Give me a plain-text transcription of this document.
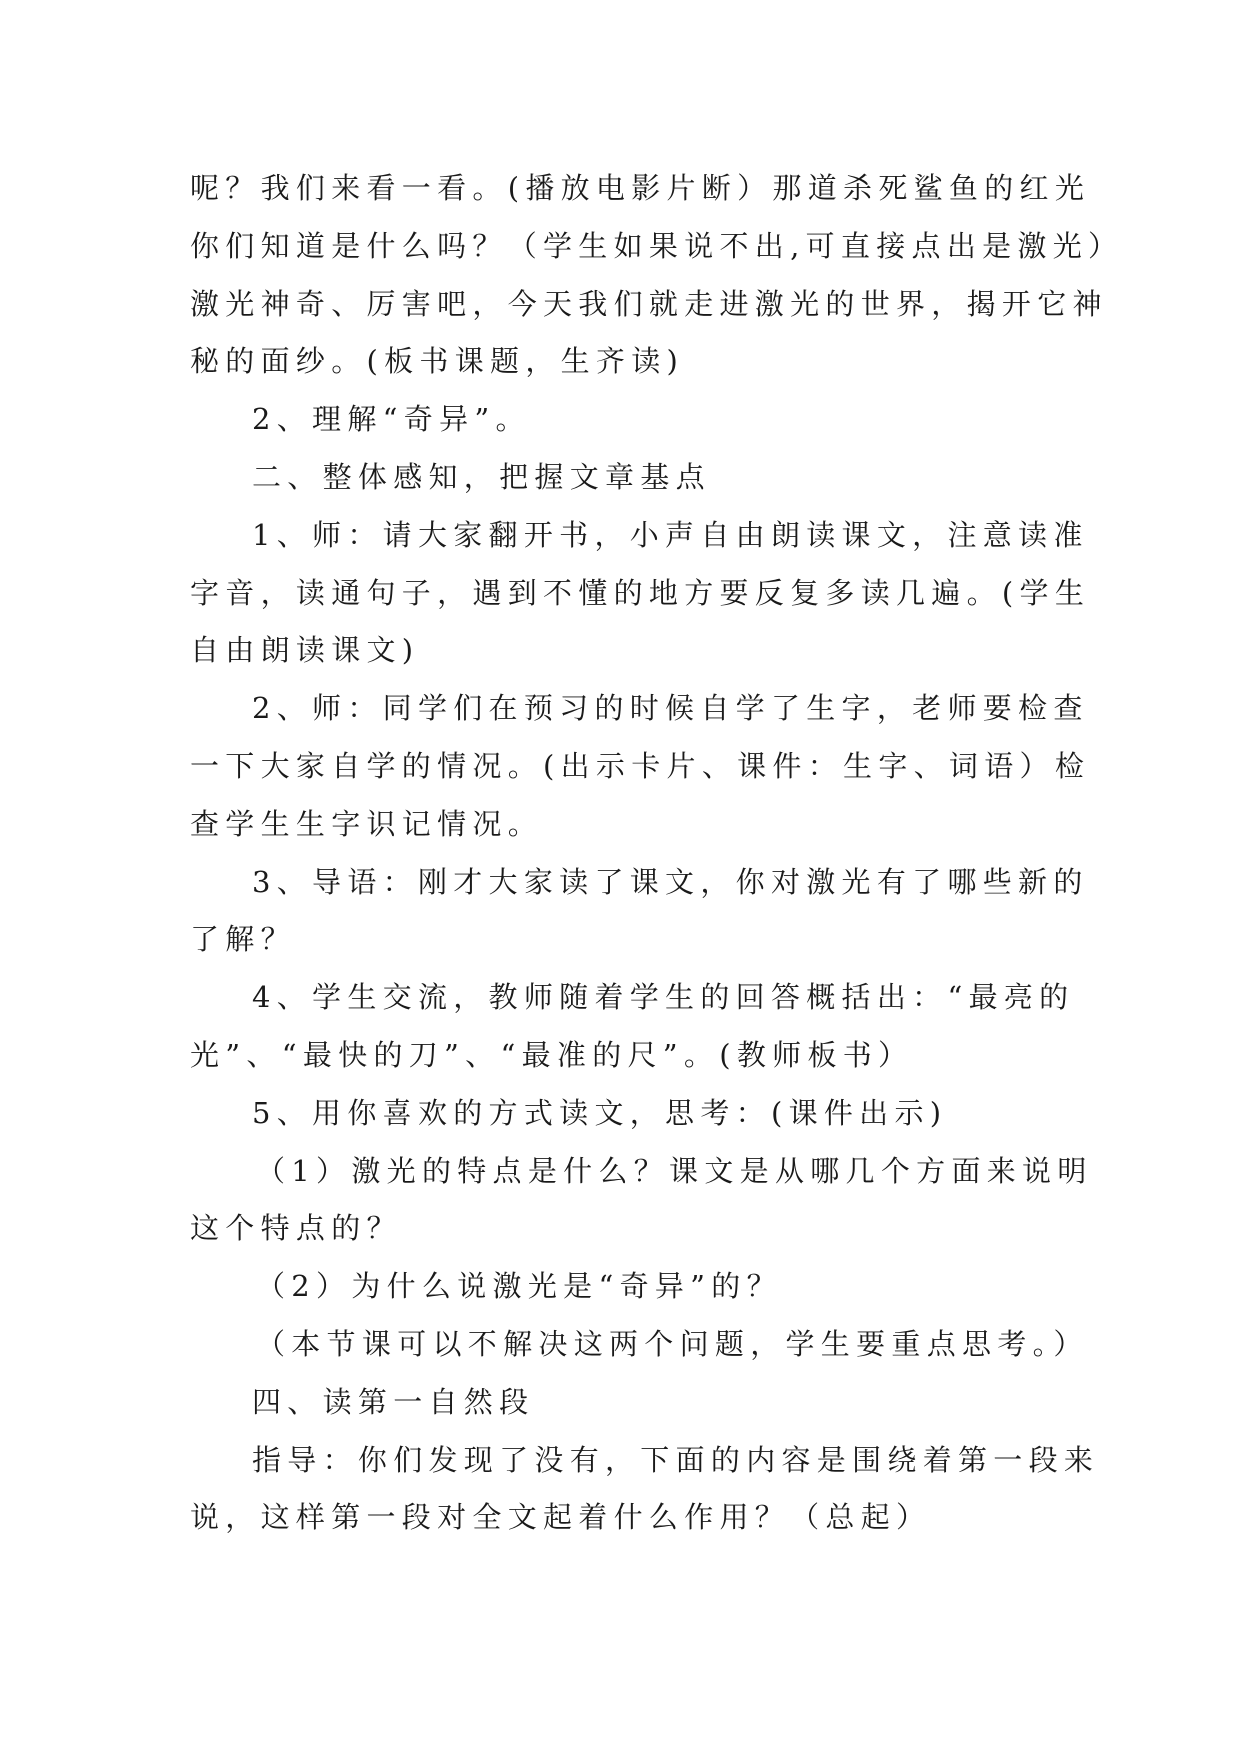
呢？我们来看一看。(播放电影片断）那道杀死鲨鱼的红光
你们知道是什么吗？（学生如果说不出,可直接点出是激光）
激光神奇、厉害吧，今天我们就走进激光的世界，揭开它神
秘的面纱。(板书课题，生齐读)
2、理解“奇异”。
二、整体感知，把握文章基点
1、师：请大家翻开书，小声自由朗读课文，注意读准
字音，读通句子，遇到不懂的地方要反复多读几遍。(学生
自由朗读课文)
2、师：同学们在预习的时候自学了生字，老师要检查
一下大家自学的情况。(出示卡片、课件：生字、词语）检
查学生生字识记情况。
3、导语：刚才大家读了课文，你对激光有了哪些新的
了解？
4、学生交流，教师随着学生的回答概括出：“最亮的
光”、“最快的刀”、“最准的尺”。(教师板书）
5、用你喜欢的方式读文，思考：(课件出示)
（1）激光的特点是什么？课文是从哪几个方面来说明
这个特点的？
（2）为什么说激光是“奇异”的？
（本节课可以不解决这两个问题，学生要重点思考。）
四、读第一自然段
指导：你们发现了没有，下面的内容是围绕着第一段来
说，这样第一段对全文起着什么作用？（总起）
